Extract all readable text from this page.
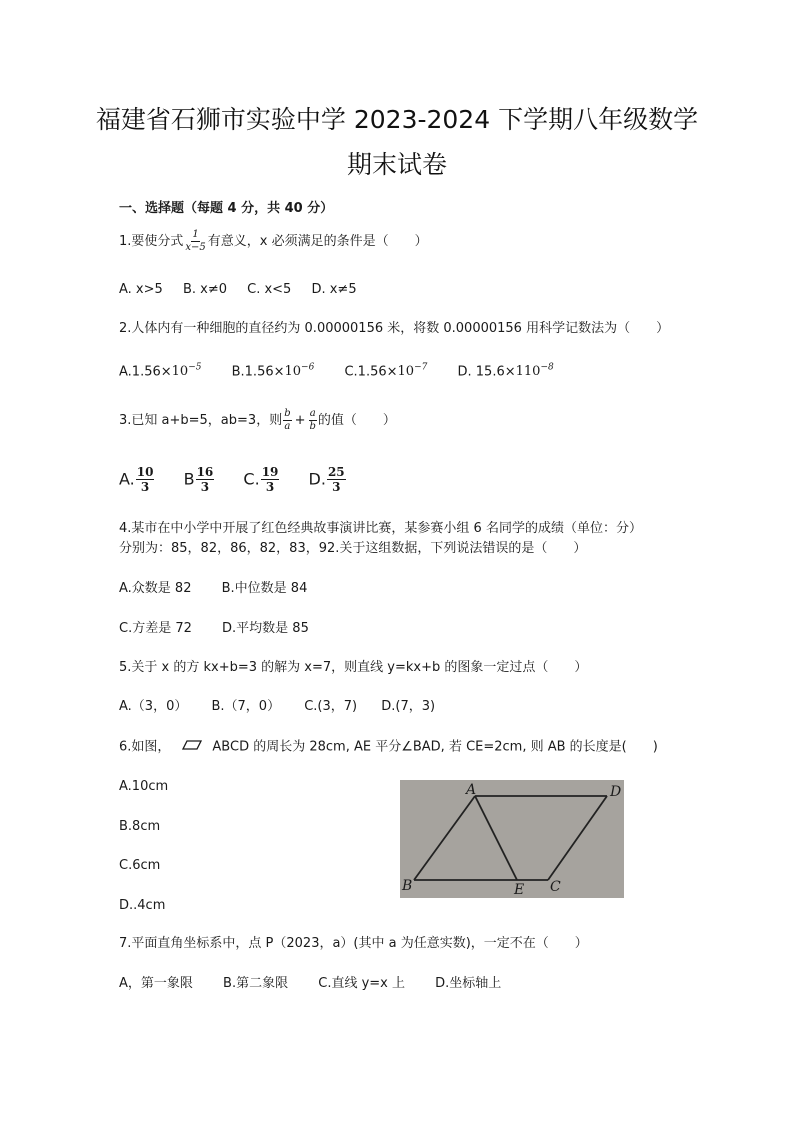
福建省石狮市实验中学 2023-2024 下学期八年级数学
期末试卷
一、选择题（每题 4 分，共 40 分）
1.要使分式 $\frac{1}{x-5}$ 有意义，x 必须满足的条件是（　　）
A. x>5 B. x≠0 C. x<5 D. x≠5
2.人体内有一种细胞的直径约为 0.00000156 米，将数 0.00000156 用科学记数法为（　　）
$A.1.56\times 10^{-5}$ $B.1.56\times 10^{-6}$ $C.1.56\times 10^{-7}$ D. $15.6\times 110^{-8}$
3.已知 a+b=5，ab=3，则 $\frac{b}{a} + \frac{a}{b}$ 的值（　　）
A. $\frac{10}{3}$ B $\frac{16}{3} C$. $\frac{19}{3} D$. $\frac{25}{3}$
4.某市在中小学中开展了红色经典故事演讲比赛，某参赛小组 6 名同学的成绩（单位：分）
分别为：85，82，86，82，83，92.关于这组数据，下列说法错误的是（　　）
A.众数是 82 B.中位数是 84
C.方差是 72 D.平均数是 85
5.关于 x 的方 kx+b=3 的解为 x=7，则直线 y=kx+b 的图象一定过点（　　）
A.（3，0） B.（7，0） C.(3，7) D.(7，3)
6.如图，	ABCD 的周长为 28cm, AE 平分∠BAD, 若 CE=2cm, 则 AB 的长度是(　　)
A.10cm
B.8cm
C.6cm
D..4cm
A	D
B	E C
7.平面直角坐标系中，点 P（2023，a）(其中 a 为任意实数)，一定不在（　　）
A，第一象限 B.第二象限 C.直线 y=x 上 D.坐标轴上
